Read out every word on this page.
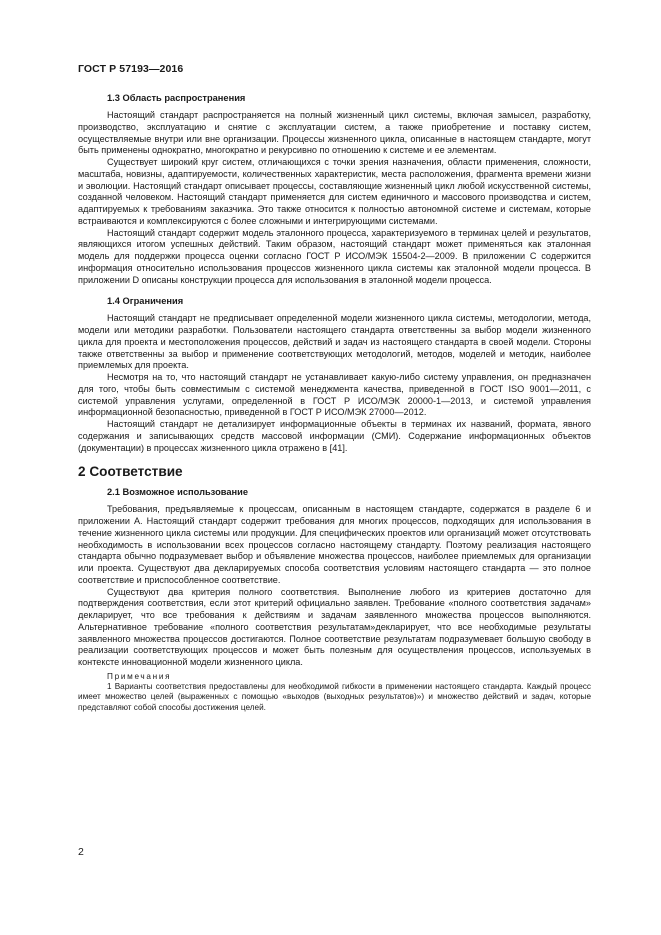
ГОСТ Р 57193—2016
1.3 Область распространения

Настоящий стандарт распространяется на полный жизненный цикл системы, включая замысел, разработку, производство, эксплуатацию и снятие с эксплуатации систем, а также приобретение и поставку систем, осуществляемые внутри или вне организации. Процессы жизненного цикла, описанные в настоящем стандарте, могут быть применены однократно, многократно и рекурсивно по отношению к системе и ее элементам.

Существует широкий круг систем, отличающихся с точки зрения назначения, области применения, сложности, масштаба, новизны, адаптируемости, количественных характеристик, места расположения, фрагмента времени жизни и эволюции. Настоящий стандарт описывает процессы, составляющие жизненный цикл любой искусственной системы, созданной человеком. Настоящий стандарт применяется для систем единичного и массового производства и систем, адаптируемых к требованиям заказчика. Это также относится к полностью автономной системе и системам, которые встраиваются и комплексируются с более сложными и интегрирующими системами.

Настоящий стандарт содержит модель эталонного процесса, характеризуемого в терминах целей и результатов, являющихся итогом успешных действий. Таким образом, настоящий стандарт может применяться как эталонная модель для поддержки процесса оценки согласно ГОСТ Р ИСО/МЭК 15504-2—2009. В приложении С содержится информация относительно использования процессов жизненного цикла системы как эталонной модели процесса. В приложении D описаны конструкции процесса для использования в эталонной модели процесса.

1.4 Ограничения

Настоящий стандарт не предписывает определенной модели жизненного цикла системы, методологии, метода, модели или методики разработки. Пользователи настоящего стандарта ответственны за выбор модели жизненного цикла для проекта и местоположения процессов, действий и задач из настоящего стандарта в своей модели. Стороны также ответственны за выбор и применение соответствующих методологий, методов, моделей и методик, наиболее приемлемых для проекта.

Несмотря на то, что настоящий стандарт не устанавливает какую-либо систему управления, он предназначен для того, чтобы быть совместимым с системой менеджмента качества, приведенной в ГОСТ ISO 9001—2011, с системой управления услугами, определенной в ГОСТ Р ИСО/МЭК 20000-1—2013, и системой управления информационной безопасностью, приведенной в ГОСТ Р ИСО/МЭК 27000—2012.

Настоящий стандарт не детализирует информационные объекты в терминах их названий, формата, явного содержания и записывающих средств массовой информации (СМИ). Содержание информационных объектов (документации) в процессах жизненного цикла отражено в [41].

2 Соответствие
2.1 Возможное использование

Требования, предъявляемые к процессам, описанным в настоящем стандарте, содержатся в разделе 6 и приложении А. Настоящий стандарт содержит требования для многих процессов, подходящих для использования в течение жизненного цикла системы или продукции. Для специфических проектов или организаций может отсутствовать необходимость в использовании всех процессов согласно настоящему стандарту. Поэтому реализация настоящего стандарта обычно подразумевает выбор и объявление множества процессов, наиболее приемлемых для организации или проекта. Существуют два декларируемых способа соответствия условиям настоящего стандарта — это полное соответствие и приспособленное соответствие.

Существуют два критерия полного соответствия. Выполнение любого из критериев достаточно для подтверждения соответствия, если этот критерий официально заявлен. Требование «полного соответствия задачам» декларирует, что все требования к действиям и задачам заявленного множества процессов выполняются. Альтернативное требование «полного соответствия результатам»декларирует, что все необходимые результаты заявленного множества процессов достигаются. Полное соответствие результатам подразумевает большую свободу в реализации соответствующих процессов и может быть полезным для осуществления процессов, используемых в контексте инновационной модели жизненного цикла.

Примечания

1 Варианты соответствия предоставлены для необходимой гибкости в применении настоящего стандарта. Каждый процесс имеет множество целей (выраженных с помощью «выходов (выходных результатов)») и множество действий и задач, которые представляют собой способы достижения целей.

2
